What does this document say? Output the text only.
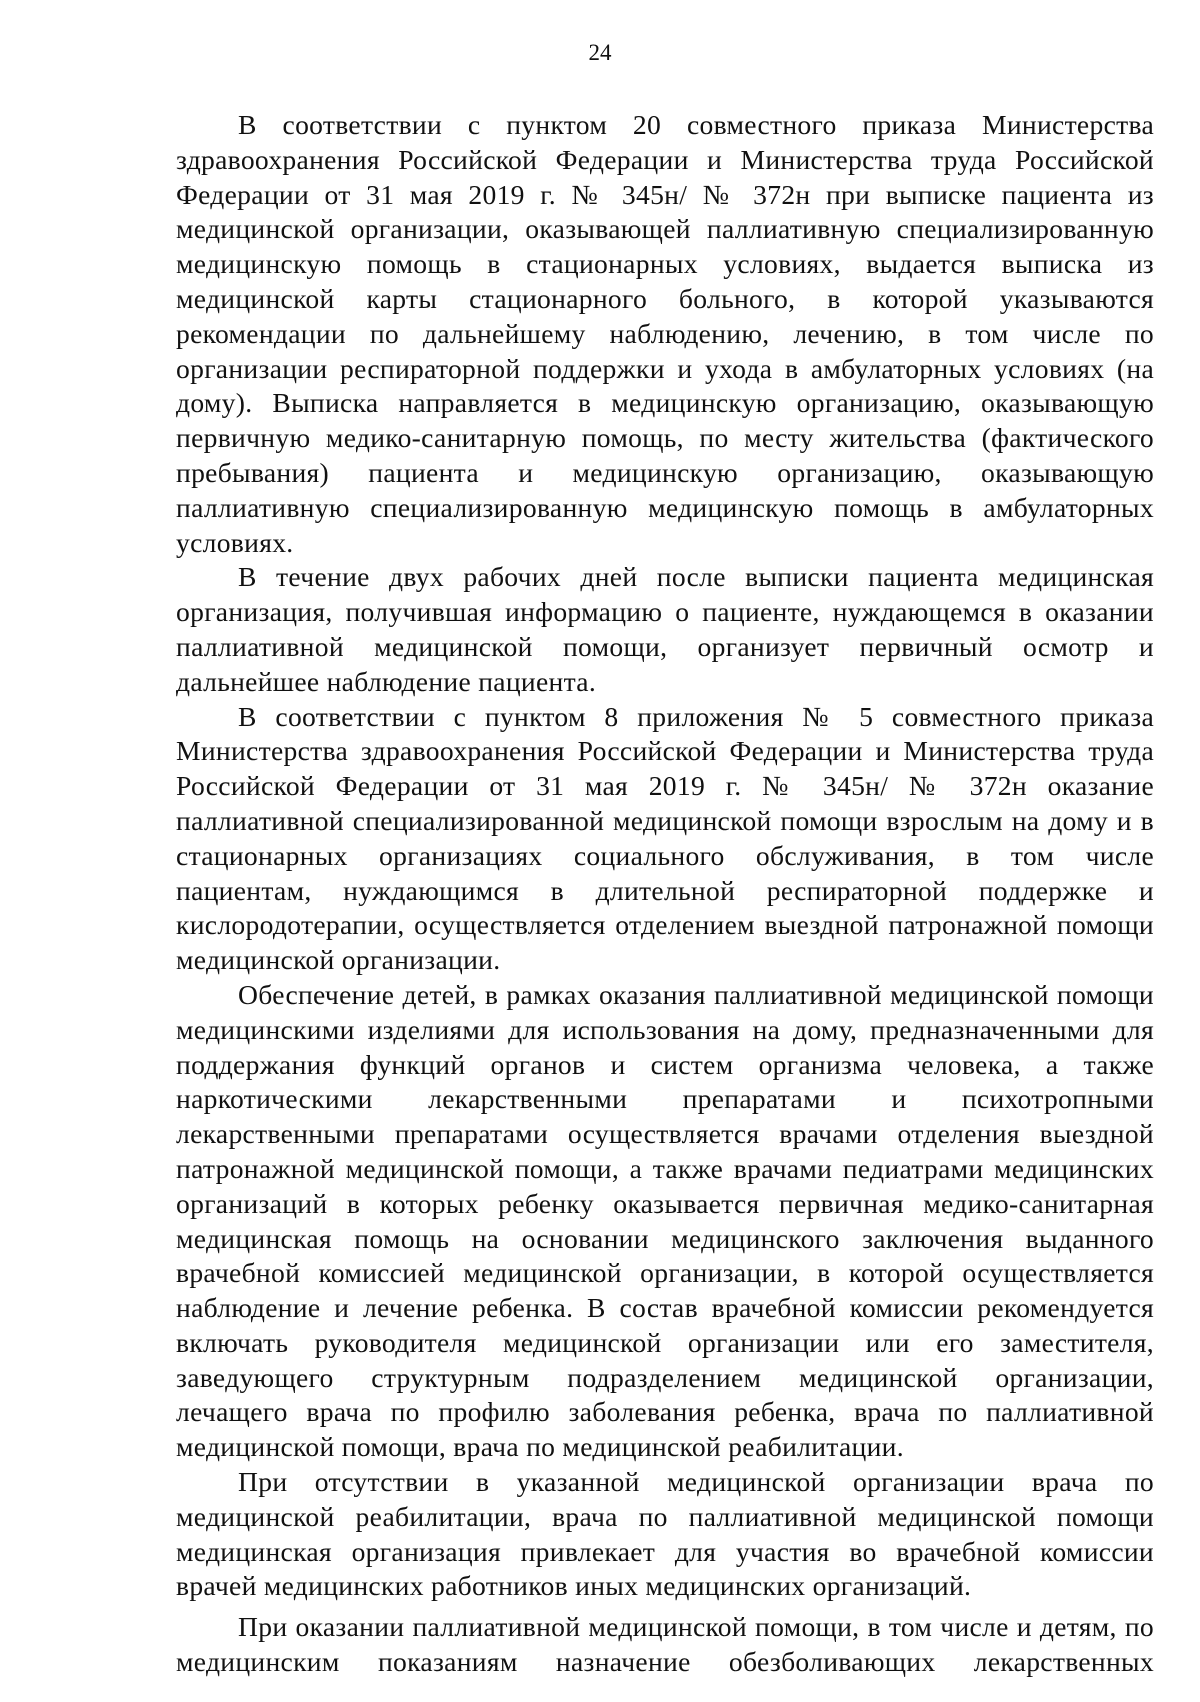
24

В соответствии с пунктом 20 совместного приказа Министерства
здравоохранения Российской Федерации и Министерства труда Российской
Федерации от 31 мая 2019 г. № 345н/ № 372н при выписке пациента из
медицинской организации, оказывающей паллиативную специализированную
медицинскую помощь в стационарных условиях, выдается выписка из
медицинской карты стационарного больного, в которой указываются
рекомендации по дальнейшему наблюдению, лечению, в том числе по
организации респираторной поддержки и ухода в амбулаторных условиях (на
дому). Выписка направляется в медицинскую организацию, оказывающую
первичную медико-санитарную помощь, по месту жительства (фактического
пребывания) пациента и медицинскую организацию, оказывающую
паллиативную специализированную медицинскую помощь в амбулаторных
условиях.

В течение двух рабочих дней после выписки пациента медицинская
организация, получившая информацию о пациенте, нуждающемся в оказании
паллиативной медицинской помощи, организует первичный осмотр и
дальнейшее наблюдение пациента.

В соответствии с пунктом 8 приложения № 5 совместного приказа
Министерства здравоохранения Российской Федерации и Министерства труда
Российской Федерации от 31 мая 2019 г. № 345н/ № 372н оказание
паллиативной специализированной медицинской помощи взрослым на дому и в
стационарных организациях социального обслуживания, в том числе
пациентам, нуждающимся в длительной респираторной поддержке и
кислородотерапии, осуществляется отделением выездной патронажной помощи
медицинской организации.

Обеспечение детей, в рамках оказания паллиативной медицинской помощи
медицинскими изделиями для использования на дому, предназначенными для
поддержания функций органов и систем организма человека, а также
наркотическими лекарственными препаратами и психотропными
лекарственными препаратами осуществляется врачами отделения выездной
патронажной медицинской помощи, а также врачами педиатрами медицинских
организаций в которых ребенку оказывается первичная медико-санитарная
медицинская помощь на основании медицинского заключения выданного
врачебной комиссией медицинской организации, в которой осуществляется
наблюдение и лечение ребенка. В состав врачебной комиссии рекомендуется
включать руководителя медицинской организации или его заместителя,
заведующего структурным подразделением медицинской организации,
лечащего врача по профилю заболевания ребенка, врача по паллиативной
медицинской помощи, врача по медицинской реабилитации.

При отсутствии в указанной медицинской организации врача по
медицинской реабилитации, врача по паллиативной медицинской помощи
медицинская организация привлекает для участия во врачебной комиссии
врачей медицинских работников иных медицинских организаций.

При оказании паллиативной медицинской помощи, в том числе и детям, по
медицинским показаниям назначение обезболивающих лекарственных
